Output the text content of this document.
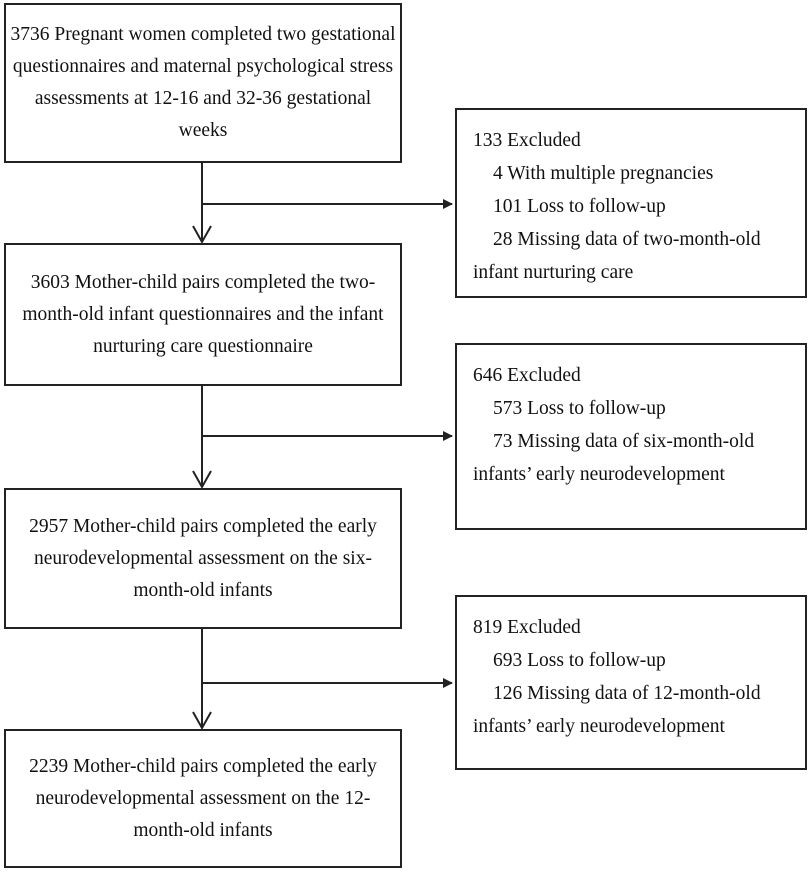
3736 Pregnant women completed two gestational questionnaires and maternal psychological stress assessments at 12-16 and 32-36 gestational weeks
3603 Mother-child pairs completed the two-month-old infant questionnaires and the infant nurturing care questionnaire
2957 Mother-child pairs completed the early neurodevelopmental assessment on the six-month-old infants
2239 Mother-child pairs completed the early neurodevelopmental assessment on the 12-month-old infants
133 Excluded
4 With multiple pregnancies
101 Loss to follow-up
28 Missing data of two-month-old
infant nurturing care
646 Excluded
573 Loss to follow-up
73 Missing data of six-month-old
infants’ early neurodevelopment
819 Excluded
693 Loss to follow-up
126 Missing data of 12-month-old
infants’ early neurodevelopment
